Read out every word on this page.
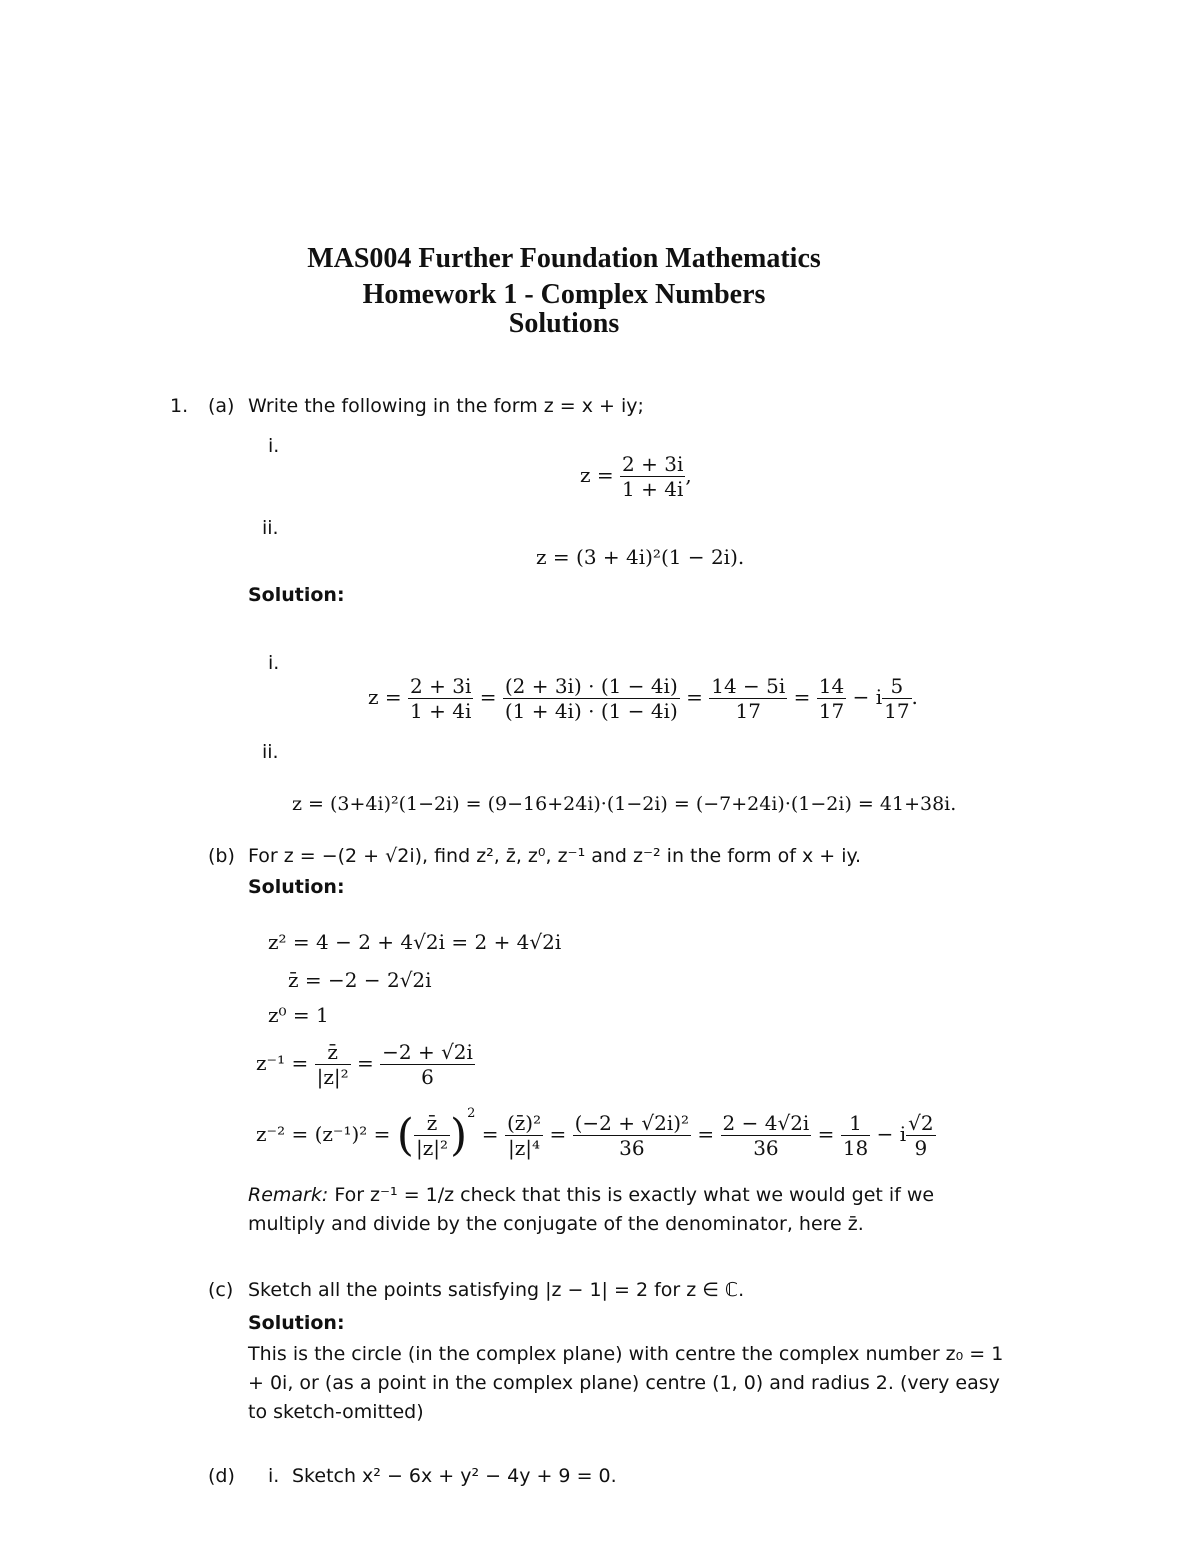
MAS004 Further Foundation Mathematics
Homework 1 - Complex Numbers
Solutions
1. (a) Write the following in the form z = x + iy;
i.
$z = \frac{2 + 3i}{1 + 4i}$ ,
ii.
z = (3 + 4i)²(1 − 2i).
Solution:
i.
$z = \frac{2 + 3i}{1 + 4i} = \frac{(2 + 3i) \cdot (1 - 4i)}{(1 + 4i) \cdot (1 - 4i)} = \frac{14 - 5i}{17} = \frac{14}{17} - i \frac{5}{17}$ .
ii.
z = (3+4i)²(1−2i) = (9−16+24i)·(1−2i) = (−7+24i)·(1−2i) = 41+38i.
(b) For z = −(2 + √2i), find z², z̄, z⁰, z⁻¹ and z⁻² in the form of x + iy.
Solution:
z² = 4 − 2 + 4√2i = 2 + 4√2i
z̄ = −2 − 2√2i
z⁰ = 1
$z^{-1} = \frac{z̄}{\text{|z|²}} = \frac{-2 + √2i}{6}$
z⁻² = (z⁻¹)² = ( $\frac{z̄}{\text{|z|²}} )^2 = \frac{\text{(z̄)²}}{\text{|z|⁴}} = \frac{\text{(−2 + √2i)²}}{36} = \frac{2 - 4√2i}{36} = \frac{1}{18} - i \frac{√2}{9}$
Remark: For z⁻¹ = 1/z check that this is exactly what we would get if we
multiply and divide by the conjugate of the denominator, here z̄.
(c) Sketch all the points satisfying |z − 1| = 2 for z ∈ ℂ.
Solution:
This is the circle (in the complex plane) with centre the complex number z₀ = 1 + 0i, or (as a point in the complex plane) centre (1, 0) and radius 2. (very easy to sketch-omitted)
(d) i. Sketch x² − 6x + y² − 4y + 9 = 0.
